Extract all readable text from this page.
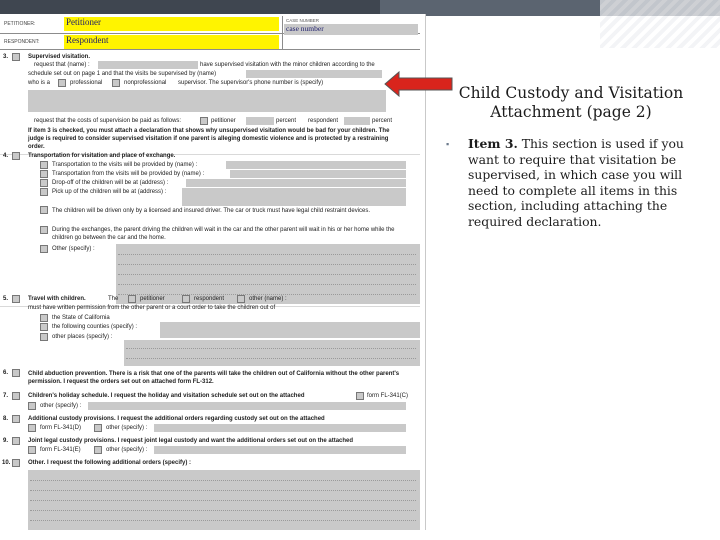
PETITIONER:	Petitioner
RESPONDENT:	Respondent
CASE NUMBER
case number
3.	Supervised visitation.
request that (name) :	have supervised visitation with the minor children according to the
schedule set out on page 1 and that the visits be supervised by (name)
who is a	professional	nonprofessional supervisor. The supervisor's phone number is (specify)
request that the costs of supervision be paid as follows:	petitioner	percent respondent	percent
If item 3 is checked, you must attach a declaration that shows why unsupervised visitation would be bad for your children. The judge is required to consider supervised visitation if one parent is alleging domestic violence and is protected by a restraining order.
4.	Transportation for visitation and place of exchange.
Transportation to the visits will be provided by (name) :
Transportation from the visits will be provided by (name) :
Drop-off of the children will be at (address) :
Pick up of the children will be at (address) :
The children will be driven only by a licensed and insured driver. The car or truck must have legal child restraint devices.
During the exchanges, the parent driving the children will wait in the car and the other parent will wait in his or her home while the children go between the car and the home.
Other (specify) :
5.	Travel with children.	The	petitioner	respondent	other (name) :
must have written permission from the other parent or a court order to take the children out of
the State of California
the following counties (specify) :
other places (specify) :
6.	Child abduction prevention. There is a risk that one of the parents will take the children out of California without the other parent's permission. I request the orders set out on attached form FL-312.
7.	Children's holiday schedule. I request the holiday and visitation schedule set out on the attached	form FL-341(C)
other (specify) :
8.	Additional custody provisions. I request the additional orders regarding custody set out on the attached
form FL-341(D)	other (specify) :
9.	Joint legal custody provisions. I request joint legal custody and want the additional orders set out on the attached
form FL-341(E)	other (specify) :
10.	Other. I request the following additional orders (specify) :
Child Custody and Visitation Attachment (page 2)
▪ Item 3. This section is used if you want to require that visitation be supervised, in which case you will need to complete all items in this section, including attaching the required declaration.
